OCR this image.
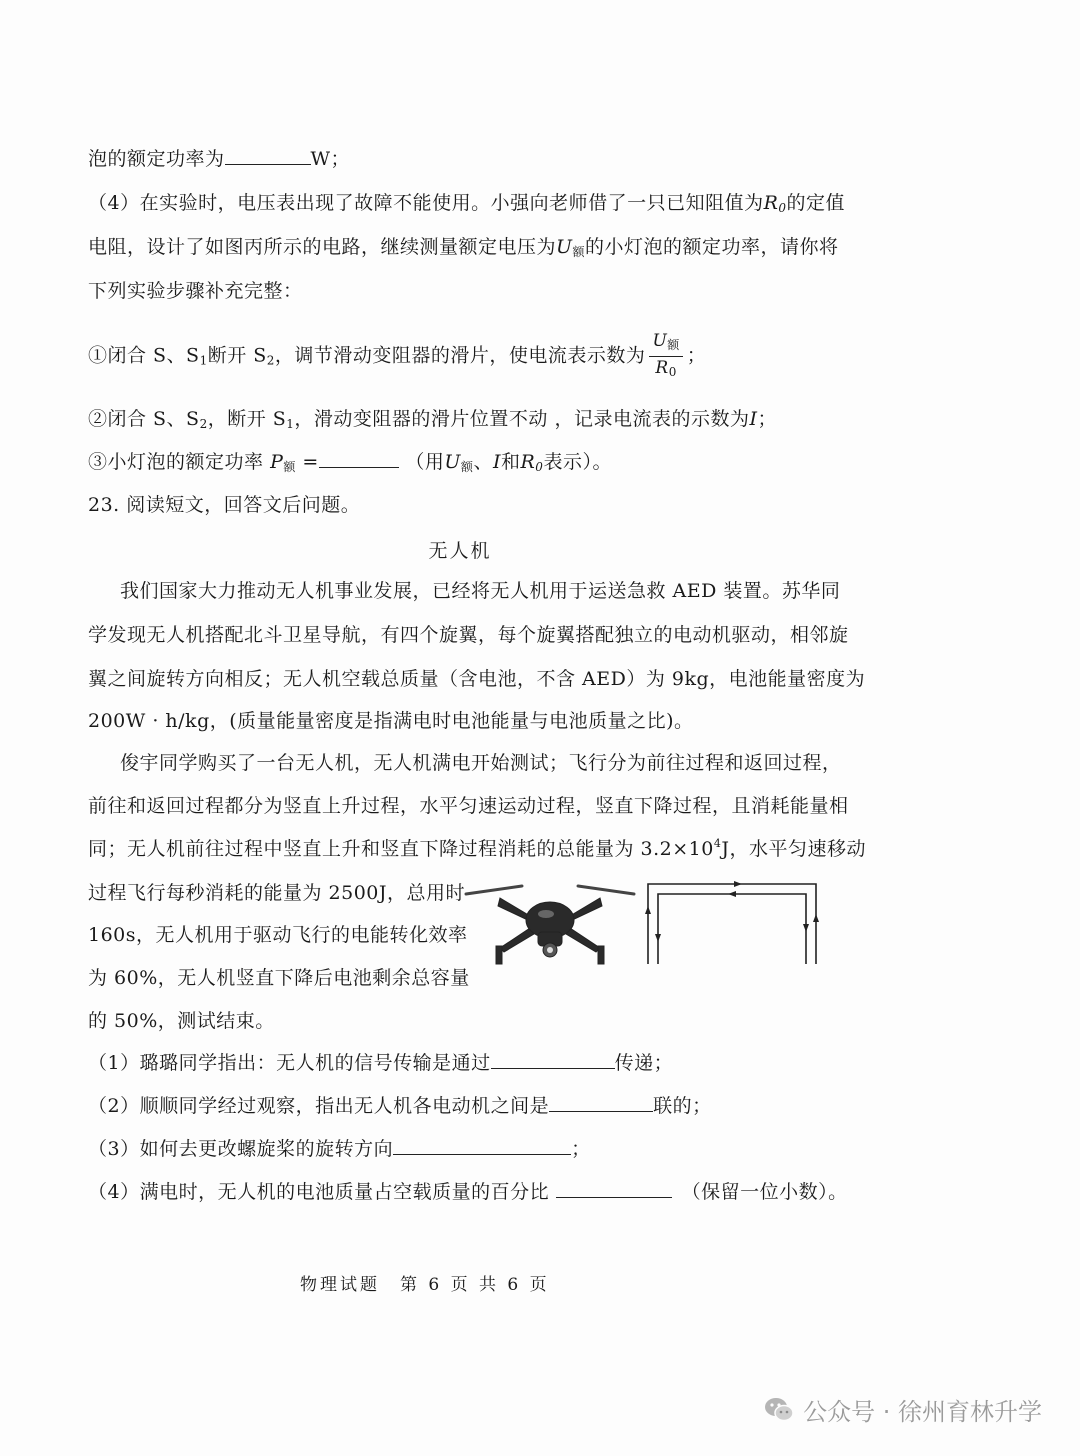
泡的额定功率为	W；
（4）在实验时，电压表出现了故障不能使用。小强向老师借了一只已知阻值为$R_0$的定值
电阻，设计了如图丙所示的电路，继续测量额定电压为$U_额$的小灯泡的额定功率，请你将
下列实验步骤补充完整：
①闭合 S、$S_1$断开 $S_2$，调节滑动变阻器的滑片，使电流表示数为 $\frac{U_额}{R_0}$ ；
②闭合 S、$S_2$，断开 $S_1$，滑动变阻器的滑片位置不动 ，记录电流表的示数为I；
③小灯泡的额定功率 $P_额$ =	（用$U_额$、I和$R_0$表示）。
23. 阅读短文，回答文后问题。
无人机
我们国家大力推动无人机事业发展，已经将无人机用于运送急救 AED 装置。苏华同
学发现无人机搭配北斗卫星导航，有四个旋翼，每个旋翼搭配独立的电动机驱动，相邻旋
翼之间旋转方向相反；无人机空载总质量（含电池，不含 AED）为 9kg，电池能量密度为
200W · h/kg，(质量能量密度是指满电时电池能量与电池质量之比)。
俊宇同学购买了一台无人机，无人机满电开始测试；飞行分为前往过程和返回过程，
前往和返回过程都分为竖直上升过程，水平匀速运动过程，竖直下降过程，且消耗能量相
同；无人机前往过程中竖直上升和竖直下降过程消耗的总能量为 $3.2\times 10^4J$，水平匀速移动
过程飞行每秒消耗的能量为 2500J，总用时
160s，无人机用于驱动飞行的电能转化效率
为 60%，无人机竖直下降后电池剩余总容量
的 50%，测试结束。
（1）璐璐同学指出：无人机的信号传输是通过	传递；
（2）顺顺同学经过观察，指出无人机各电动机之间是	联的；
（3）如何去更改螺旋桨的旋转方向	；
（4）满电时，无人机的电池质量占空载质量的百分比 　	（保留一位小数）。
物理试题　第 6 页 共 6 页
公众号 · 徐州育林升学
